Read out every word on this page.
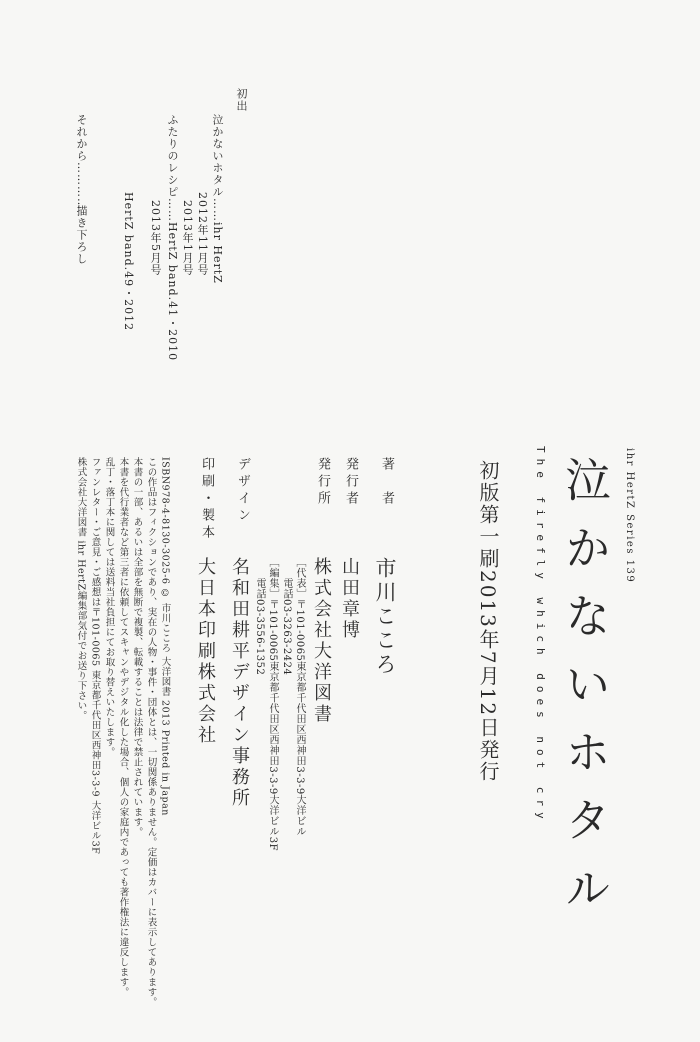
初出
泣かないホタル……ihr HertZ
2012年11月号
ふたりのレシピ……HertZ band.41・2010 2013年1月号
2013年5月号
HertZ band.49・2012
それから…………
描き下ろし
ihr HertZ Series 139
泣かないホタル
The firefly which does not cry
初版第一刷2013年7月12日発行
著　者
市川こころ
発行者
山田章博
発行所
株式会社大洋図書
デザイン
名和田耕平デザイン事務所
印刷・製本
大日本印刷株式会社	［代表］〒101-0065東京都千代田区西神田3-3-9大洋ビル
電話03-3263-2424
［編集］〒101-0065東京都千代田区西神田3-3-9大洋ビル3F
電話03-3556-1352
ISBN978-4-8130-3025-6 © 市川こころ 大洋図書 2013 Printed in Japan
この作品はフィクションであり、実在の人物・事件・団体とは、一切関係ありません。定価はカバーに表示してあります。
本書の一部、あるいは全部を無断で複製、転載することは法律で禁止されています。
本書を代行業者など第三者に依頼してスキャンやデジタル化した場合、個人の家庭内であっても著作権法に違反します。
乱丁・落丁本に関しては送料当社負担にてお取り替えいたします。
ファンレター・ご意見・ご感想は〒101-0065 東京都千代田区西神田3-3-9 大洋ビル3F
株式会社大洋図書 ihr HertZ編集部気付でお送り下さい。
